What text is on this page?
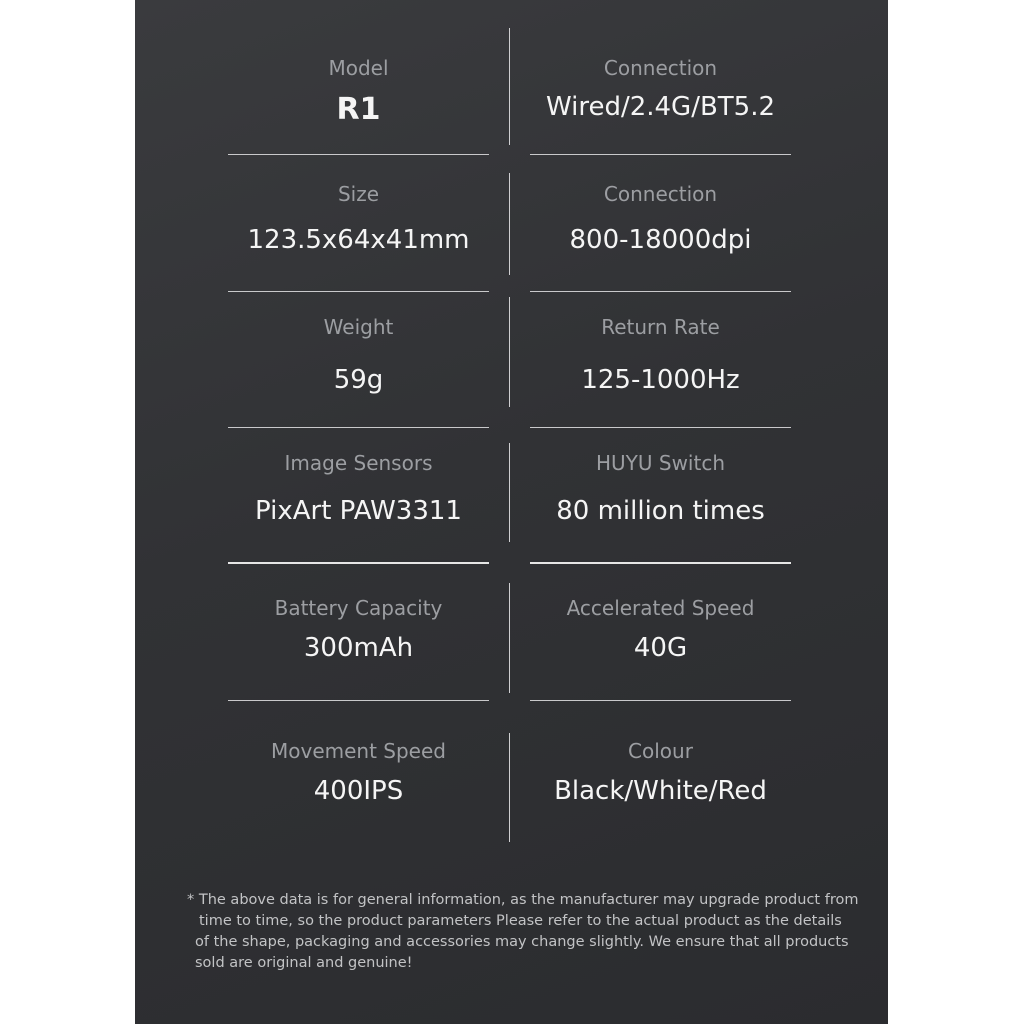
Model
R1
Connection
Wired/2.4G/BT5.2
Size
123.5x64x41mm
Connection
800-18000dpi
Weight
59g
Return Rate
125-1000Hz
Image Sensors
PixArt PAW3311
HUYU Switch
80 million times
Battery Capacity
300mAh
Accelerated Speed
40G
Movement Speed
400IPS
Colour
Black/White/Red
* The above data is for general information, as the manufacturer may upgrade product from
time to time, so the product parameters Please refer to the actual product as the details
of the shape, packaging and accessories may change slightly. We ensure that all products
sold are original and genuine!
